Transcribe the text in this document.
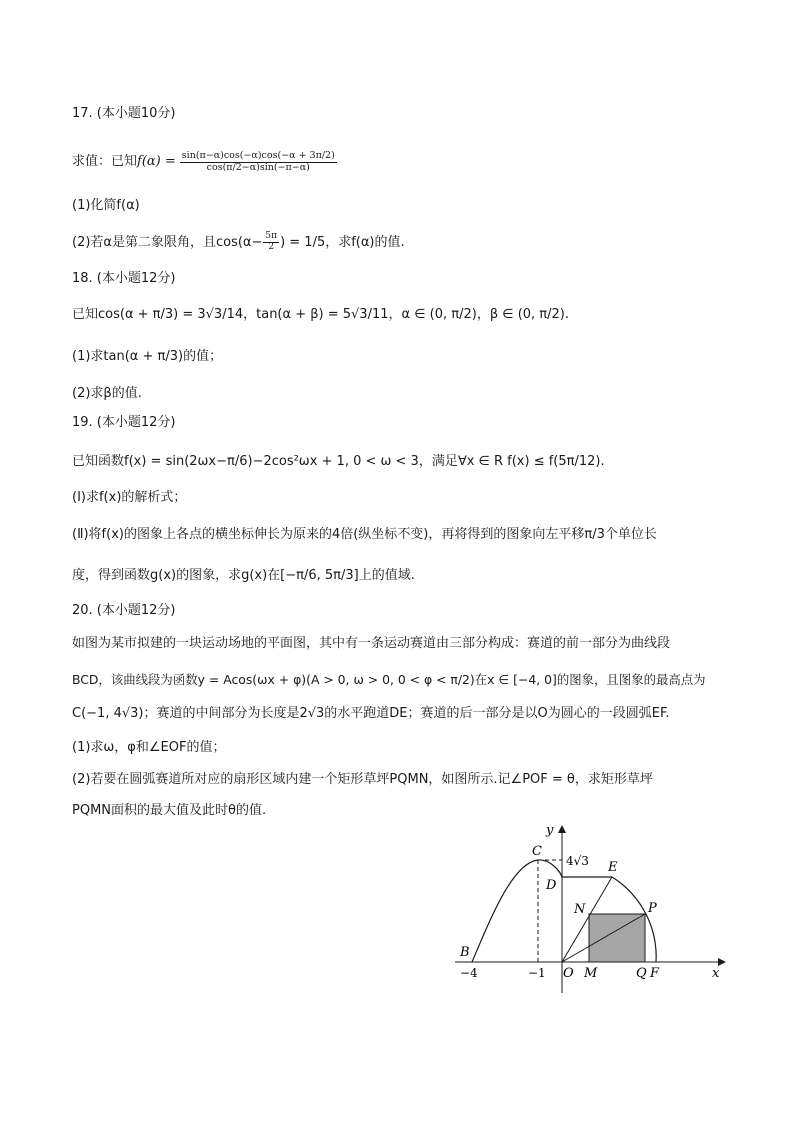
17. (本小题10分)
求值：已知 $f(\alpha) = \frac{\sin(\pi-\alpha)\cos(-\alpha)\cos(-\alpha + 3\pi/2)}{\cos(\pi/2-\alpha)\sin(-\pi-\alpha)}$
(1)化简f(α)
(2)若α是第二象限角，且$\cos(\alpha- \frac{5\pi}{2}$ ) = 1/5，求f(α)的值.
18. (本小题12分)
已知cos(α + π/3) = 3√3/14，tan(α + β) = 5√3/11，α ∈ (0, π/2)，β ∈ (0, π/2).
(1)求tan(α + π/3)的值；
(2)求β的值.
19. (本小题12分)
已知函数f(x) = sin(2ωx−π/6)−2cos²ωx + 1, 0 < ω < 3，满足∀x ∈ R f(x) ≤ f(5π/12).
(Ⅰ)求f(x)的解析式；
(Ⅱ)将f(x)的图象上各点的横坐标伸长为原来的4倍(纵坐标不变)，再将得到的图象向左平移π/3个单位长
度，得到函数g(x)的图象，求g(x)在[−π/6, 5π/3]上的值域.
20. (本小题12分)
如图为某市拟建的一块运动场地的平面图，其中有一条运动赛道由三部分构成：赛道的前一部分为曲线段
BCD，该曲线段为函数y = Acos(ωx + φ)(A > 0, ω > 0, 0 < φ < π/2)在x ∈ [−4, 0]的图象，且图象的最高点为
C(−1, 4√3)；赛道的中间部分为长度是2√3的水平跑道DE；赛道的后一部分是以O为圆心的一段圆弧EF.
(1)求ω，φ和∠EOF的值；
(2)若要在圆弧赛道所对应的扇形区域内建一个矩形草坪PQMN，如图所示.记∠POF = θ，求矩形草坪
PQMN面积的最大值及此时θ的值.
y
C
4√3 E
D
N	P
B
−4	−1 O M	Q F	x
